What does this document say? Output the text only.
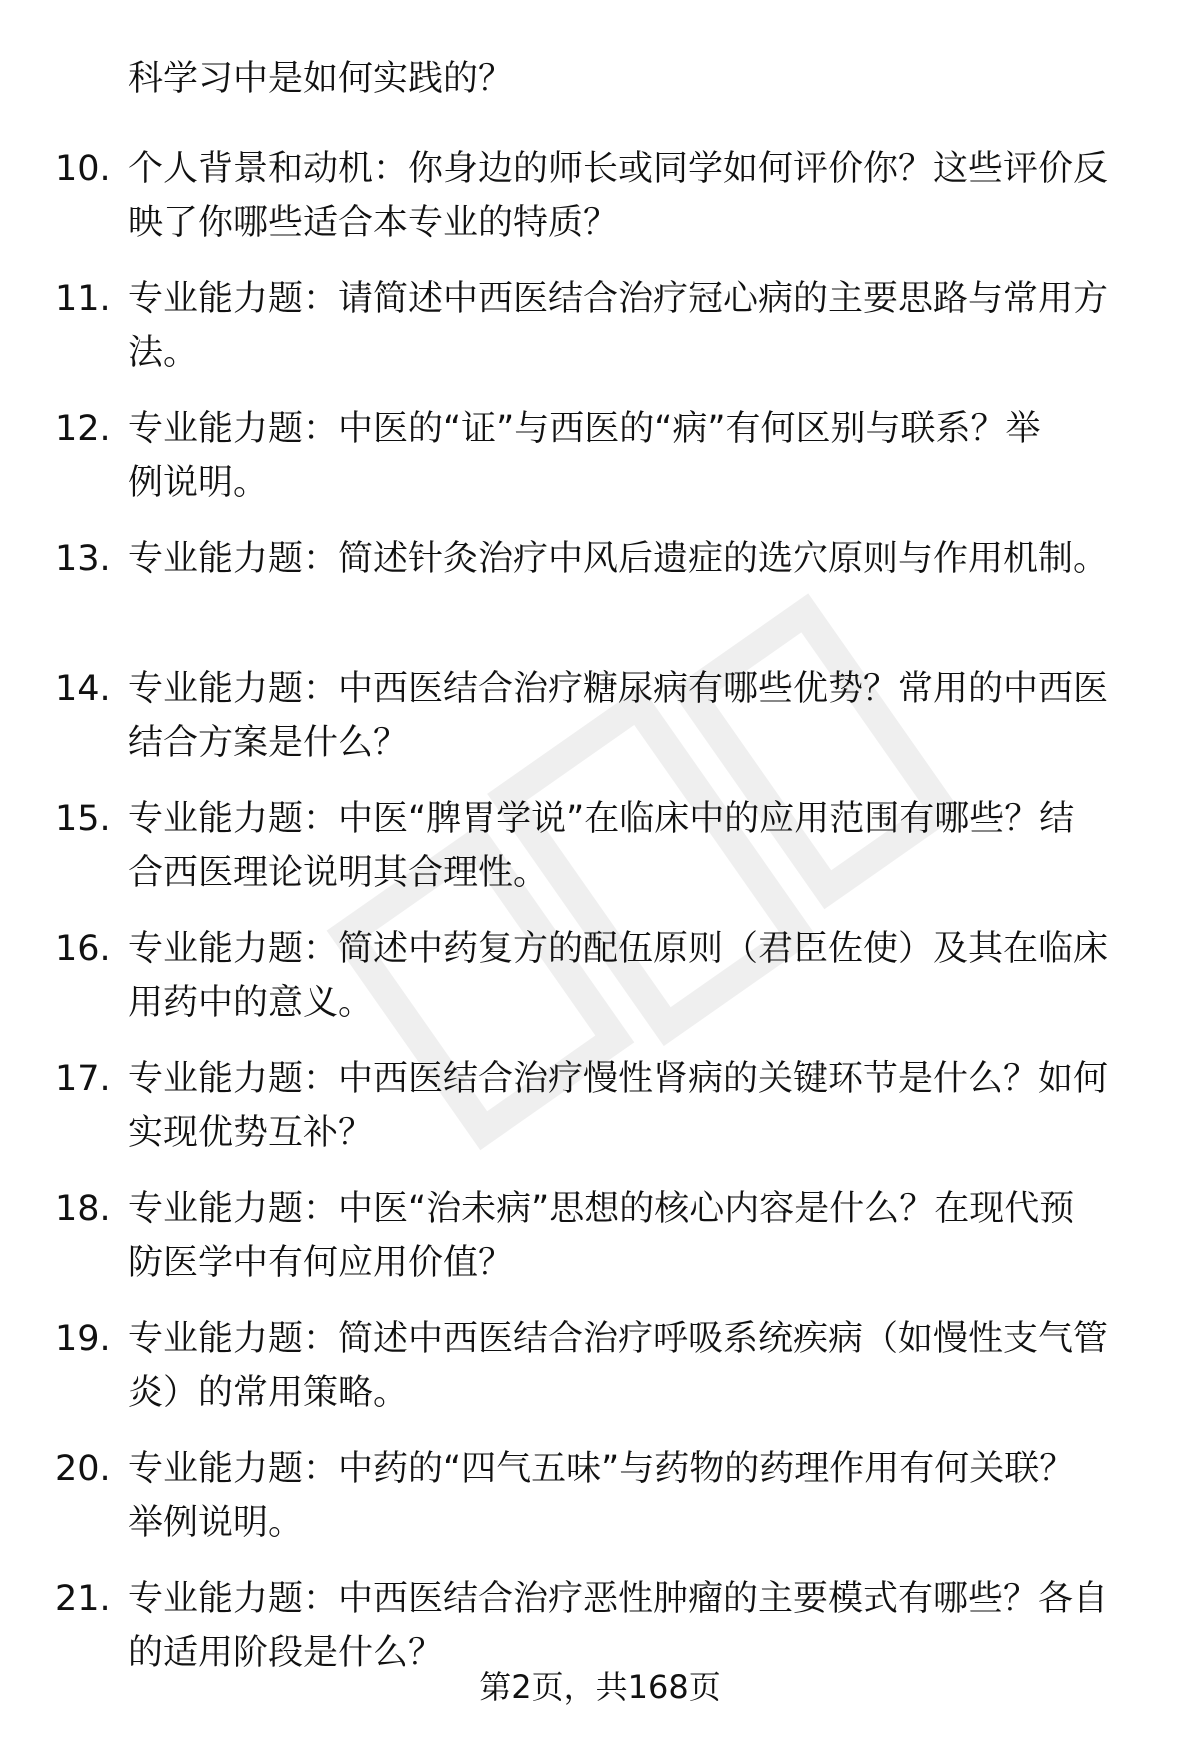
科学习中是如何实践的？
10. 个人背景和动机：你身边的师长或同学如何评价你？这些评价反
映了你哪些适合本专业的特质？
11. 专业能力题：请简述中西医结合治疗冠心病的主要思路与常用方
法。
12. 专业能力题：中医的“证”与西医的“病”有何区别与联系？举
例说明。
13. 专业能力题：简述针灸治疗中风后遗症的选穴原则与作用机制。
14. 专业能力题：中西医结合治疗糖尿病有哪些优势？常用的中西医
结合方案是什么？
15. 专业能力题：中医“脾胃学说”在临床中的应用范围有哪些？结
合西医理论说明其合理性。
16. 专业能力题：简述中药复方的配伍原则（君臣佐使）及其在临床
用药中的意义。
17. 专业能力题：中西医结合治疗慢性肾病的关键环节是什么？如何
实现优势互补？
18. 专业能力题：中医“治未病”思想的核心内容是什么？在现代预
防医学中有何应用价值？
19. 专业能力题：简述中西医结合治疗呼吸系统疾病（如慢性支气管
炎）的常用策略。
20. 专业能力题：中药的“四气五味”与药物的药理作用有何关联？
举例说明。
21. 专业能力题：中西医结合治疗恶性肿瘤的主要模式有哪些？各自
的适用阶段是什么？
第2页，共168页
